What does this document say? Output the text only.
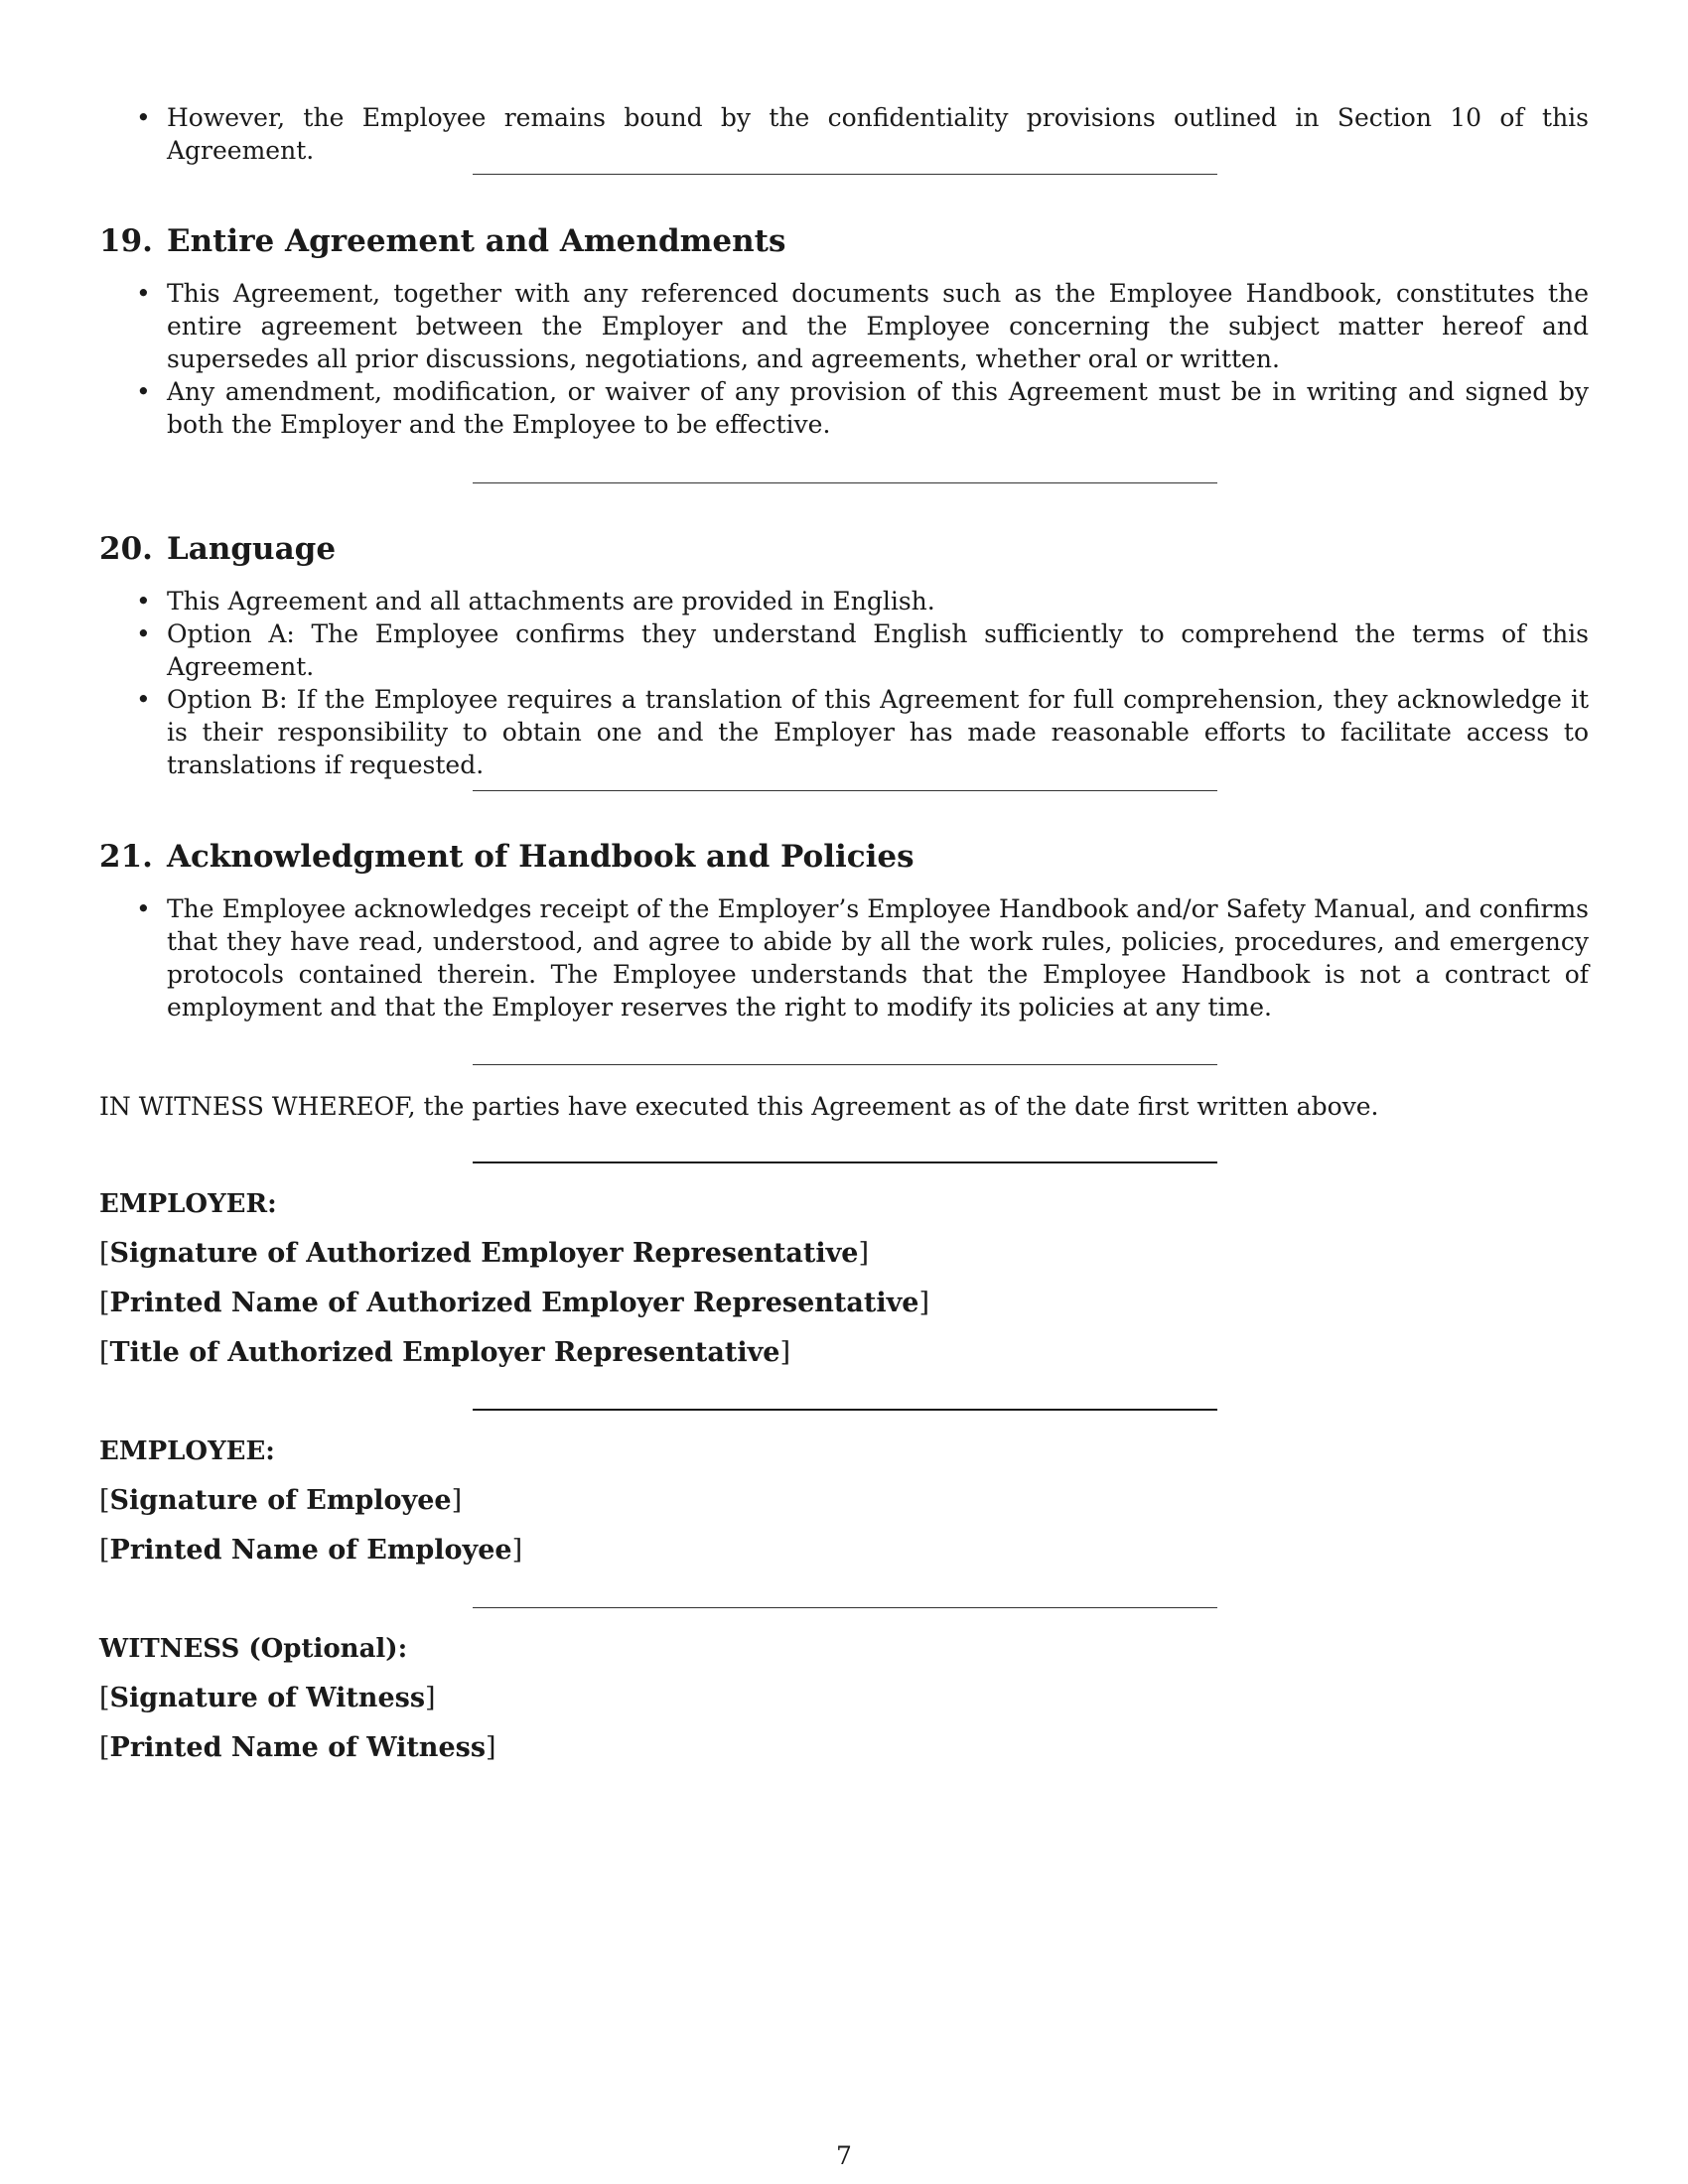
• However, the Employee remains bound by the confidentiality provisions outlined in Section 10 of this Agreement.
19. Entire Agreement and Amendments
• This Agreement, together with any referenced documents such as the Employee Handbook, constitutes the entire agreement between the Employer and the Employee concerning the subject matter hereof and supersedes all prior discussions, negotiations, and agreements, whether oral or written.
• Any amendment, modification, or waiver of any provision of this Agreement must be in writing and signed by both the Employer and the Employee to be effective.
20. Language
• This Agreement and all attachments are provided in English.
• Option A: The Employee confirms they understand English sufficiently to comprehend the terms of this Agreement.
• Option B: If the Employee requires a translation of this Agreement for full comprehension, they acknowledge it is their responsibility to obtain one and the Employer has made reasonable efforts to facilitate access to translations if requested.
21. Acknowledgment of Handbook and Policies
• The Employee acknowledges receipt of the Employer’s Employee Handbook and/or Safety Manual, and confirms that they have read, understood, and agree to abide by all the work rules, policies, procedures, and emergency protocols contained therein. The Employee understands that the Employee Handbook is not a contract of employment and that the Employer reserves the right to modify its policies at any time.

IN WITNESS WHEREOF, the parties have executed this Agreement as of the date first written above.

EMPLOYER:

[Signature of Authorized Employer Representative]

[Printed Name of Authorized Employer Representative]

[Title of Authorized Employer Representative]

EMPLOYEE:

[Signature of Employee]

[Printed Name of Employee]

WITNESS (Optional):

[Signature of Witness]

[Printed Name of Witness]

7
